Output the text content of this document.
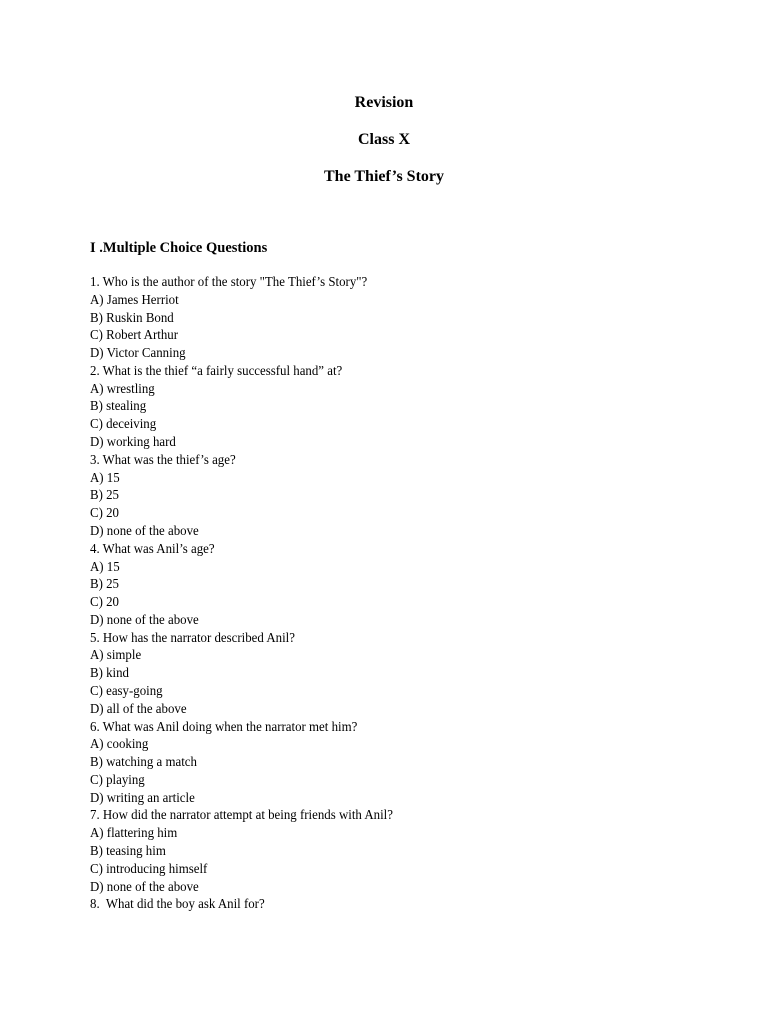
Revision
Class X
The Thief’s Story
I .Multiple Choice Questions
1. Who is the author of the story "The Thief’s Story"?
A) James Herriot
B) Ruskin Bond
C) Robert Arthur
D) Victor Canning
2. What is the thief “a fairly successful hand” at?
A) wrestling
B) stealing
C) deceiving
D) working hard
3. What was the thief’s age?
A) 15
B) 25
C) 20
D) none of the above
4. What was Anil’s age?
A) 15
B) 25
C) 20
D) none of the above
5. How has the narrator described Anil?
A) simple
B) kind
C) easy-going
D) all of the above
6. What was Anil doing when the narrator met him?
A) cooking
B) watching a match
C) playing
D) writing an article
7. How did the narrator attempt at being friends with Anil?
A) flattering him
B) teasing him
C) introducing himself
D) none of the above
8.  What did the boy ask Anil for?
